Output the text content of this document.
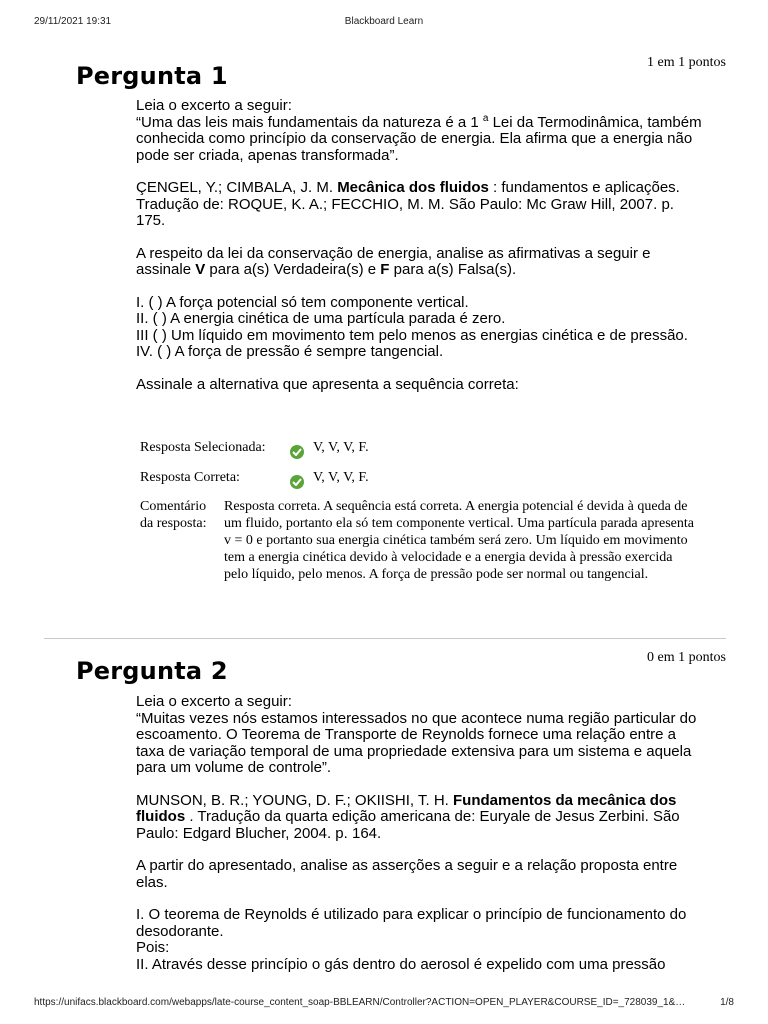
29/11/2021 19:31	Blackboard Learn
Pergunta 1	1 em 1 pontos

Leia o excerto a seguir:

“Uma das leis mais fundamentais da natureza é a 1 $^a$ Lei da Termodinâmica, também conhecida como princípio da conservação de energia. Ela afirma que a energia não pode ser criada, apenas transformada”.

ÇENGEL, Y.; CIMBALA, J. M. Mecânica dos fluidos : fundamentos e aplicações. Tradução de: ROQUE, K. A.; FECCHIO, M. M. São Paulo: Mc Graw Hill, 2007. p. 175.

A respeito da lei da conservação de energia, analise as afirmativas a seguir e assinale V para a(s) Verdadeira(s) e F para a(s) Falsa(s).

I. ( ) A força potencial só tem componente vertical.
II. ( ) A energia cinética de uma partícula parada é zero.
III ( ) Um líquido em movimento tem pelo menos as energias cinética e de pressão.
IV. ( ) A força de pressão é sempre tangencial.

Assinale a alternativa que apresenta a sequência correta:

Resposta Selecionada:	V, V, V, F.
Resposta Correta:	V, V, V, F.
Comentário da resposta:
Resposta correta. A sequência está correta. A energia potencial é devida à queda de um fluido, portanto ela só tem componente vertical. Uma partícula parada apresenta v = 0 e portanto sua energia cinética também será zero. Um líquido em movimento tem a energia cinética devido à velocidade e a energia devida à pressão exercida pelo líquido, pelo menos. A força de pressão pode ser normal ou tangencial.
Pergunta 2	0 em 1 pontos

Leia o excerto a seguir:

“Muitas vezes nós estamos interessados no que acontece numa região particular do escoamento. O Teorema de Transporte de Reynolds fornece uma relação entre a taxa de variação temporal de uma propriedade extensiva para um sistema e aquela para um volume de controle”.

MUNSON, B. R.; YOUNG, D. F.; OKIISHI, T. H. Fundamentos da mecânica dos fluidos . Tradução da quarta edição americana de: Euryale de Jesus Zerbini. São Paulo: Edgard Blucher, 2004. p. 164.

A partir do apresentado, analise as asserções a seguir e a relação proposta entre elas.

I. O teorema de Reynolds é utilizado para explicar o princípio de funcionamento do desodorante.
Pois:
II. Através desse princípio o gás dentro do aerosol é expelido com uma pressão

https://unifacs.blackboard.com/webapps/late-course_content_soap-BBLEARN/Controller?ACTION=OPEN_PLAYER&COURSE_ID=_728039_1&…	1/8
